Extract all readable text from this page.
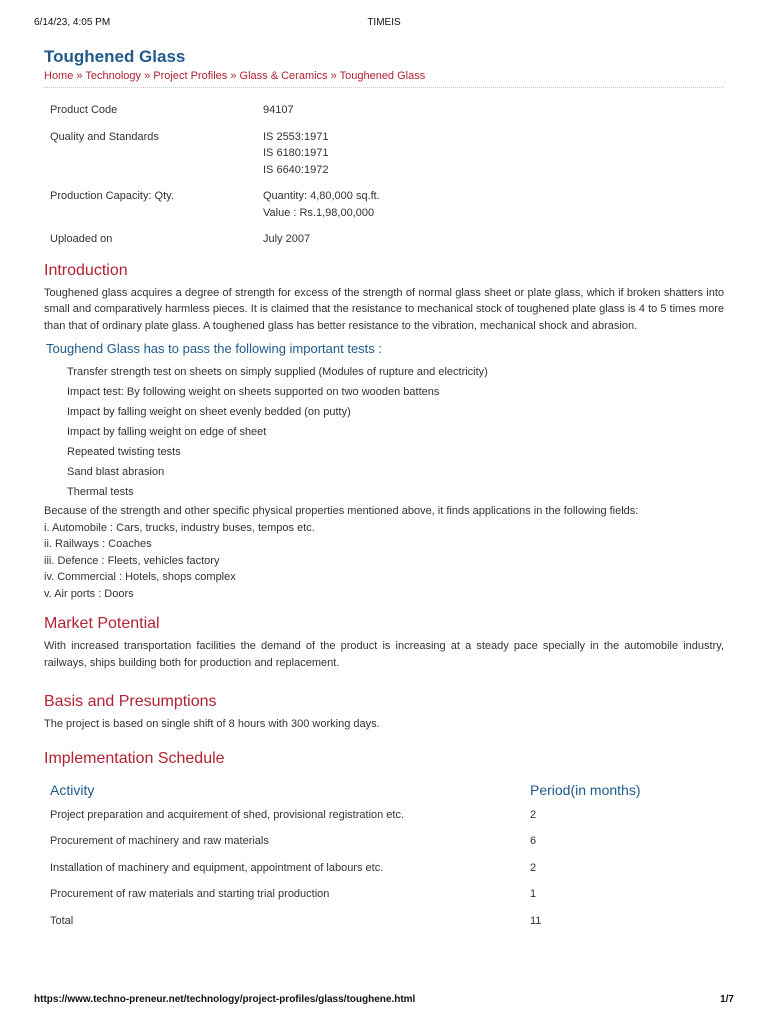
6/14/23, 4:05 PM	TIMEIS
Toughened Glass
Home » Technology » Project Profiles » Glass & Ceramics » Toughened Glass
Product Code	94107

Quality and Standards	IS 2553:1971
IS 6180:1971
IS 6640:1972

Production Capacity: Qty.	Quantity: 4,80,000 sq.ft.
Value : Rs.1,98,00,000

Uploaded on	July 2007
Introduction

Toughened glass acquires a degree of strength for excess of the strength of normal glass sheet or plate glass, which if broken shatters into small and comparatively harmless pieces. It is claimed that the resistance to mechanical stock of toughened plate glass is 4 to 5 times more than that of ordinary plate glass. A toughened glass has better resistance to the vibration, mechanical shock and abrasion.

Toughend Glass has to pass the following important tests :
Transfer strength test on sheets on simply supplied (Modules of rupture and electricity)
Impact test: By following weight on sheets supported on two wooden battens
Impact by falling weight on sheet evenly bedded (on putty)
Impact by falling weight on edge of sheet
Repeated twisting tests
Sand blast abrasion
Thermal tests
Because of the strength and other specific physical properties mentioned above, it finds applications in the following fields:
i. Automobile : Cars, trucks, industry buses, tempos etc.
ii. Railways : Coaches
iii. Defence : Fleets, vehicles factory
iv. Commercial : Hotels, shops complex
v. Air ports : Doors
Market Potential

With increased transportation facilities the demand of the product is increasing at a steady pace specially in the automobile industry, railways, ships building both for production and replacement.

Basis and Presumptions

The project is based on single shift of 8 hours with 300 working days.

Implementation Schedule
Activity	Period(in months)
Project preparation and acquirement of shed, provisional registration etc.	2
Procurement of machinery and raw materials	6
Installation of machinery and equipment, appointment of labours etc.	2
Procurement of raw materials and starting trial production	1
Total	11
https://www.techno-preneur.net/technology/project-profiles/glass/toughene.html	1/7
